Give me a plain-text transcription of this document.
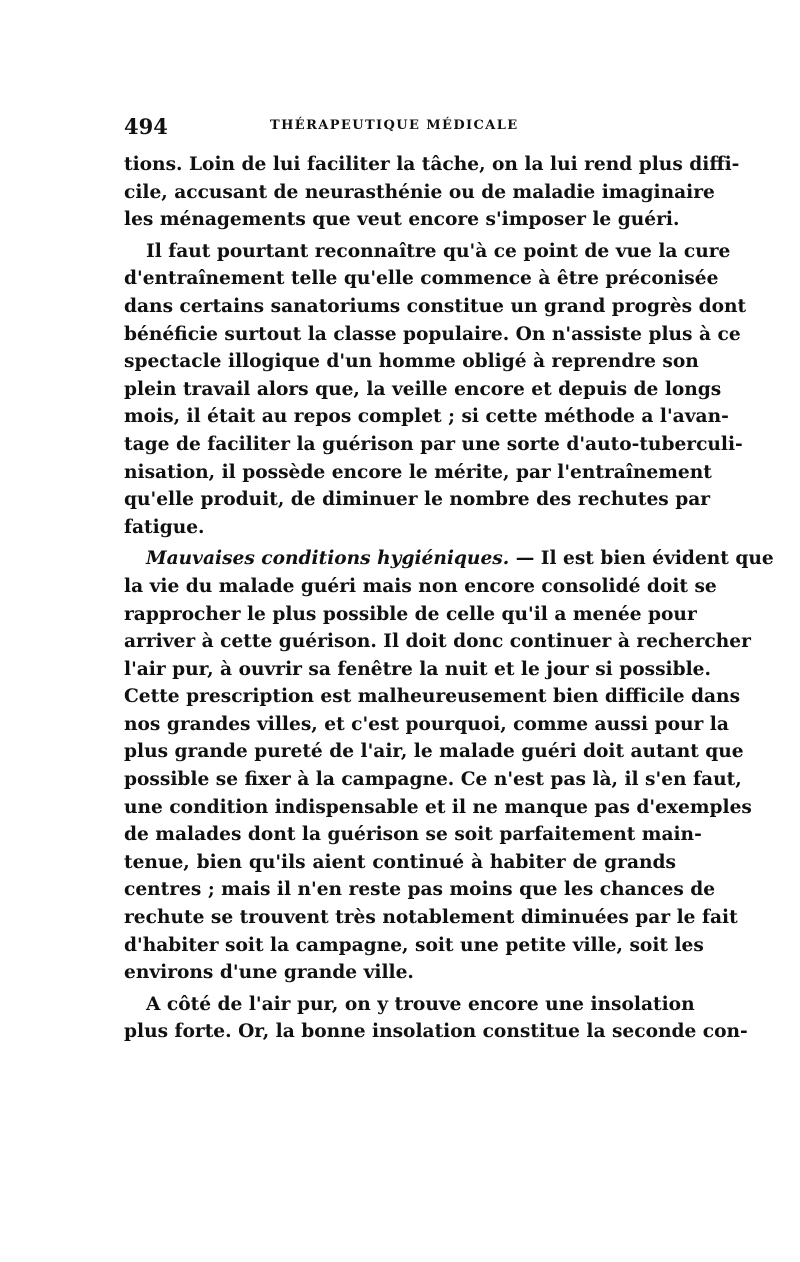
494	THÉRAPEUTIQUE MÉDICALE
tions. Loin de lui faciliter la tâche, on la lui rend plus diffi-
cile, accusant de neurasthénie ou de maladie imaginaire
les ménagements que veut encore s'imposer le guéri.
Il faut pourtant reconnaître qu'à ce point de vue la cure
d'entraînement telle qu'elle commence à être préconisée
dans certains sanatoriums constitue un grand progrès dont
bénéficie surtout la classe populaire. On n'assiste plus à ce
spectacle illogique d'un homme obligé à reprendre son
plein travail alors que, la veille encore et depuis de longs
mois, il était au repos complet ; si cette méthode a l'avan-
tage de faciliter la guérison par une sorte d'auto-tuberculi-
nisation, il possède encore le mérite, par l'entraînement
qu'elle produit, de diminuer le nombre des rechutes par
fatigue.
Mauvaises conditions hygiéniques. — Il est bien évident que
la vie du malade guéri mais non encore consolidé doit se
rapprocher le plus possible de celle qu'il a menée pour
arriver à cette guérison. Il doit donc continuer à rechercher
l'air pur, à ouvrir sa fenêtre la nuit et le jour si possible.
Cette prescription est malheureusement bien difficile dans
nos grandes villes, et c'est pourquoi, comme aussi pour la
plus grande pureté de l'air, le malade guéri doit autant que
possible se fixer à la campagne. Ce n'est pas là, il s'en faut,
une condition indispensable et il ne manque pas d'exemples
de malades dont la guérison se soit parfaitement main-
tenue, bien qu'ils aient continué à habiter de grands
centres ; mais il n'en reste pas moins que les chances de
rechute se trouvent très notablement diminuées par le fait
d'habiter soit la campagne, soit une petite ville, soit les
environs d'une grande ville.
A côté de l'air pur, on y trouve encore une insolation
plus forte. Or, la bonne insolation constitue la seconde con-
